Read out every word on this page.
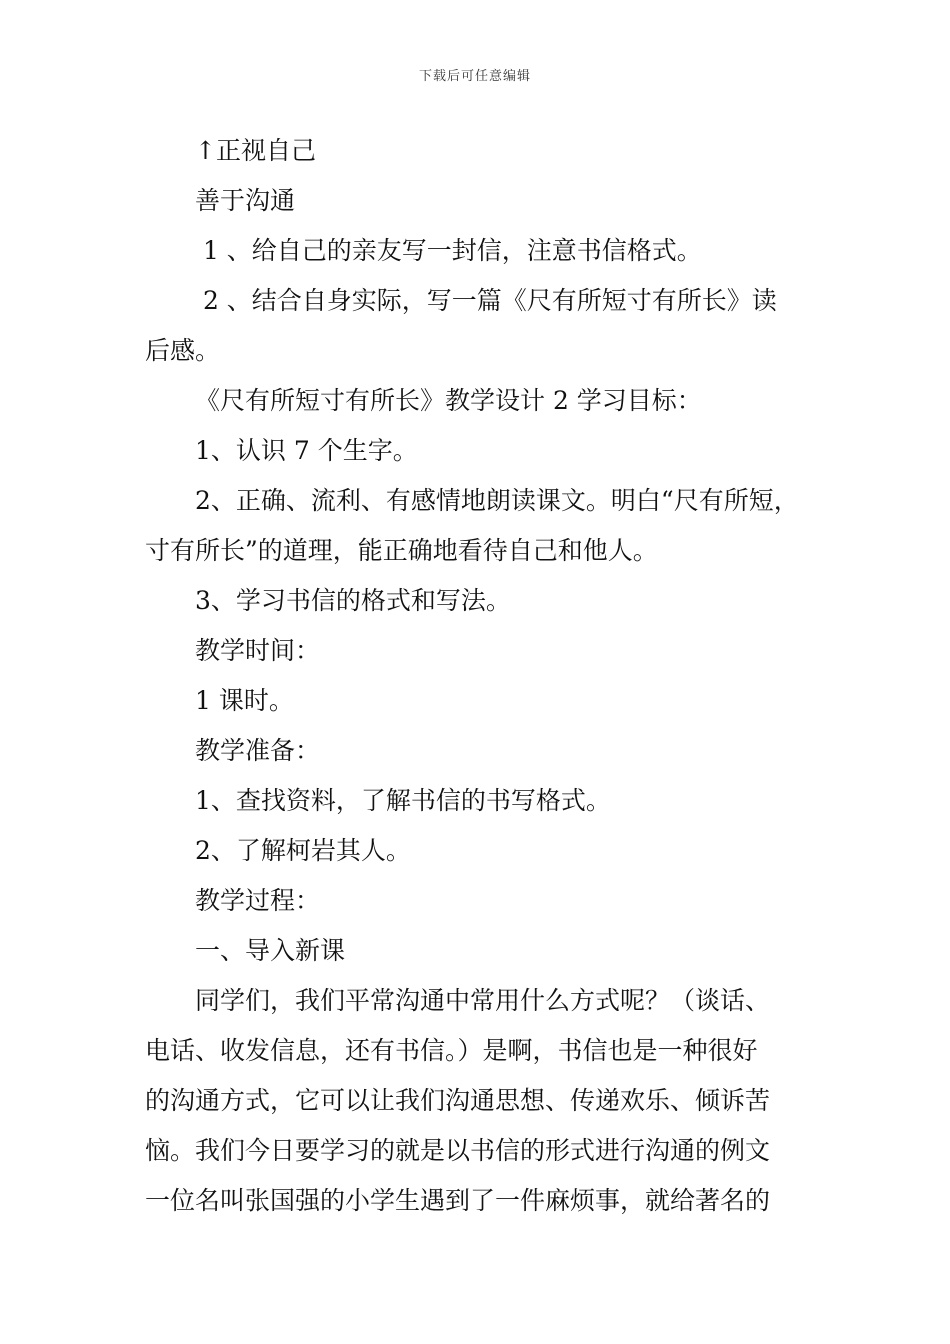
下载后可任意编辑
↑正视自己
善于沟通
1 、给自己的亲友写一封信，注意书信格式。
2 、结合自身实际，写一篇《尺有所短寸有所长》读
后感。
《尺有所短寸有所长》教学设计 2 学习目标：
1、认识 7 个生字。
2、正确、流利、有感情地朗读课文。明白“尺有所短，
寸有所长”的道理，能正确地看待自己和他人。
3、学习书信的格式和写法。
教学时间：
1 课时。
教学准备：
1、查找资料，了解书信的书写格式。
2、了解柯岩其人。
教学过程：
一、导入新课
同学们，我们平常沟通中常用什么方式呢？（谈话、
电话、收发信息，还有书信。）是啊，书信也是一种很好
的沟通方式，它可以让我们沟通思想、传递欢乐、倾诉苦
恼。我们今日要学习的就是以书信的形式进行沟通的例文
一位名叫张国强的小学生遇到了一件麻烦事，就给著名的
